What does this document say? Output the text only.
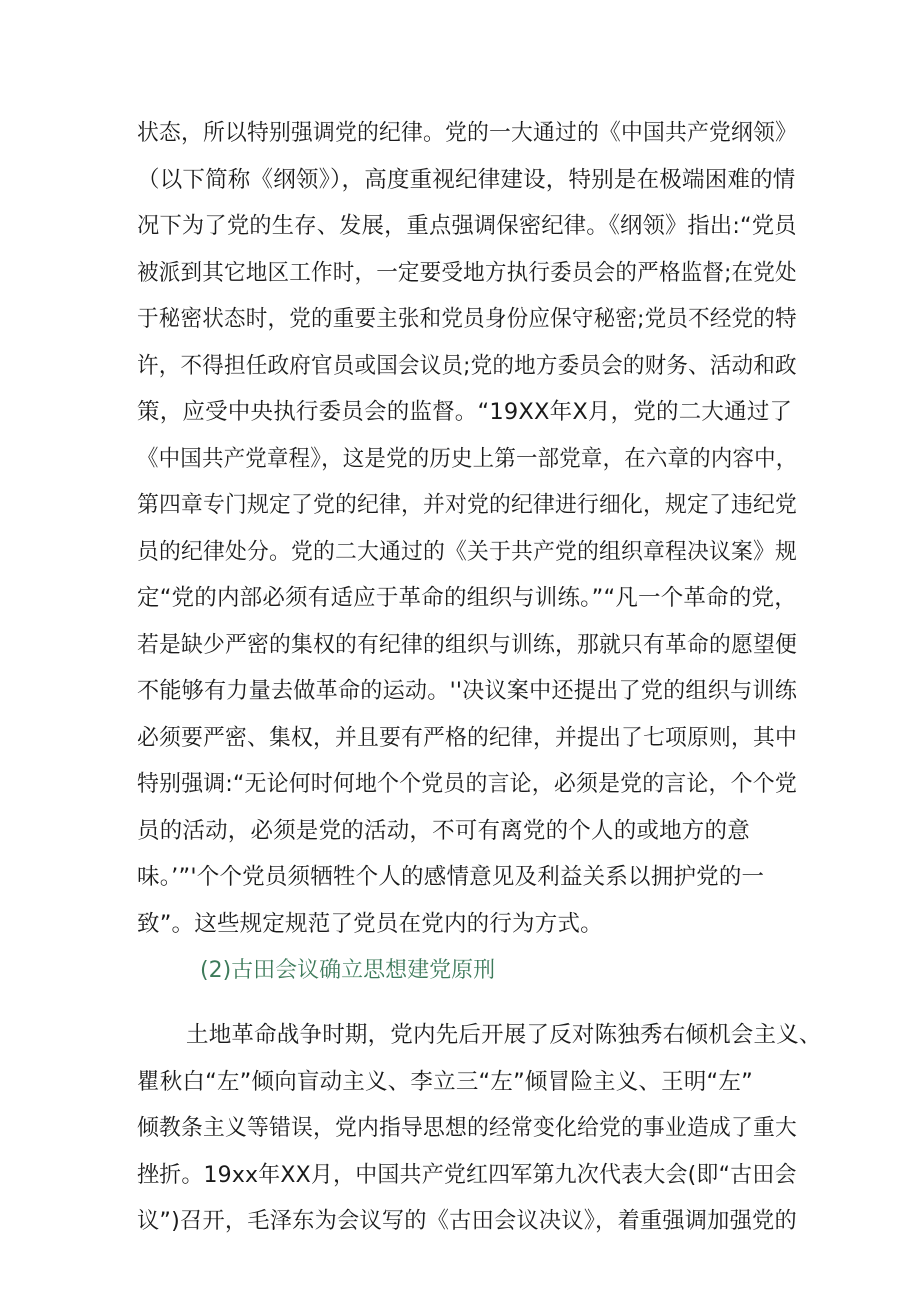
状态，所以特别强调党的纪律。党的一大通过的《中国共产党纲领》
（以下简称《纲领》），高度重视纪律建设，特别是在极端困难的情
况下为了党的生存、发展，重点强调保密纪律。《纲领》指出:“党员
被派到其它地区工作时，一定要受地方执行委员会的严格监督;在党处
于秘密状态时，党的重要主张和党员身份应保守秘密;党员不经党的特
许，不得担任政府官员或国会议员;党的地方委员会的财务、活动和政
策，应受中央执行委员会的监督。“19XX年X月，党的二大通过了
《中国共产党章程》，这是党的历史上第一部党章，在六章的内容中，
第四章专门规定了党的纪律，并对党的纪律进行细化，规定了违纪党
员的纪律处分。党的二大通过的《关于共产党的组织章程决议案》规
定“党的内部必须有适应于革命的组织与训练。”“凡一个革命的党，
若是缺少严密的集权的有纪律的组织与训练，那就只有革命的愿望便
不能够有力量去做革命的运动。''决议案中还提出了党的组织与训练
必须要严密、集权，并且要有严格的纪律，并提出了七项原则，其中
特别强调:“无论何时何地个个党员的言论，必须是党的言论，个个党
员的活动，必须是党的活动，不可有离党的个人的或地方的意
味。’”'个个党员须牺牲个人的感情意见及利益关系以拥护党的一
致”。这些规定规范了党员在党内的行为方式。
(2)古田会议确立思想建党原刑
土地革命战争时期，党内先后开展了反对陈独秀右倾机会主义、
瞿秋白“左”倾向盲动主义、李立三“左”倾冒险主义、王明“左”
倾教条主义等错误，党内指导思想的经常变化给党的事业造成了重大
挫折。19xx年XX月，中国共产党红四军第九次代表大会(即“古田会
议”)召开，毛泽东为会议写的《古田会议决议》，着重强调加强党的
